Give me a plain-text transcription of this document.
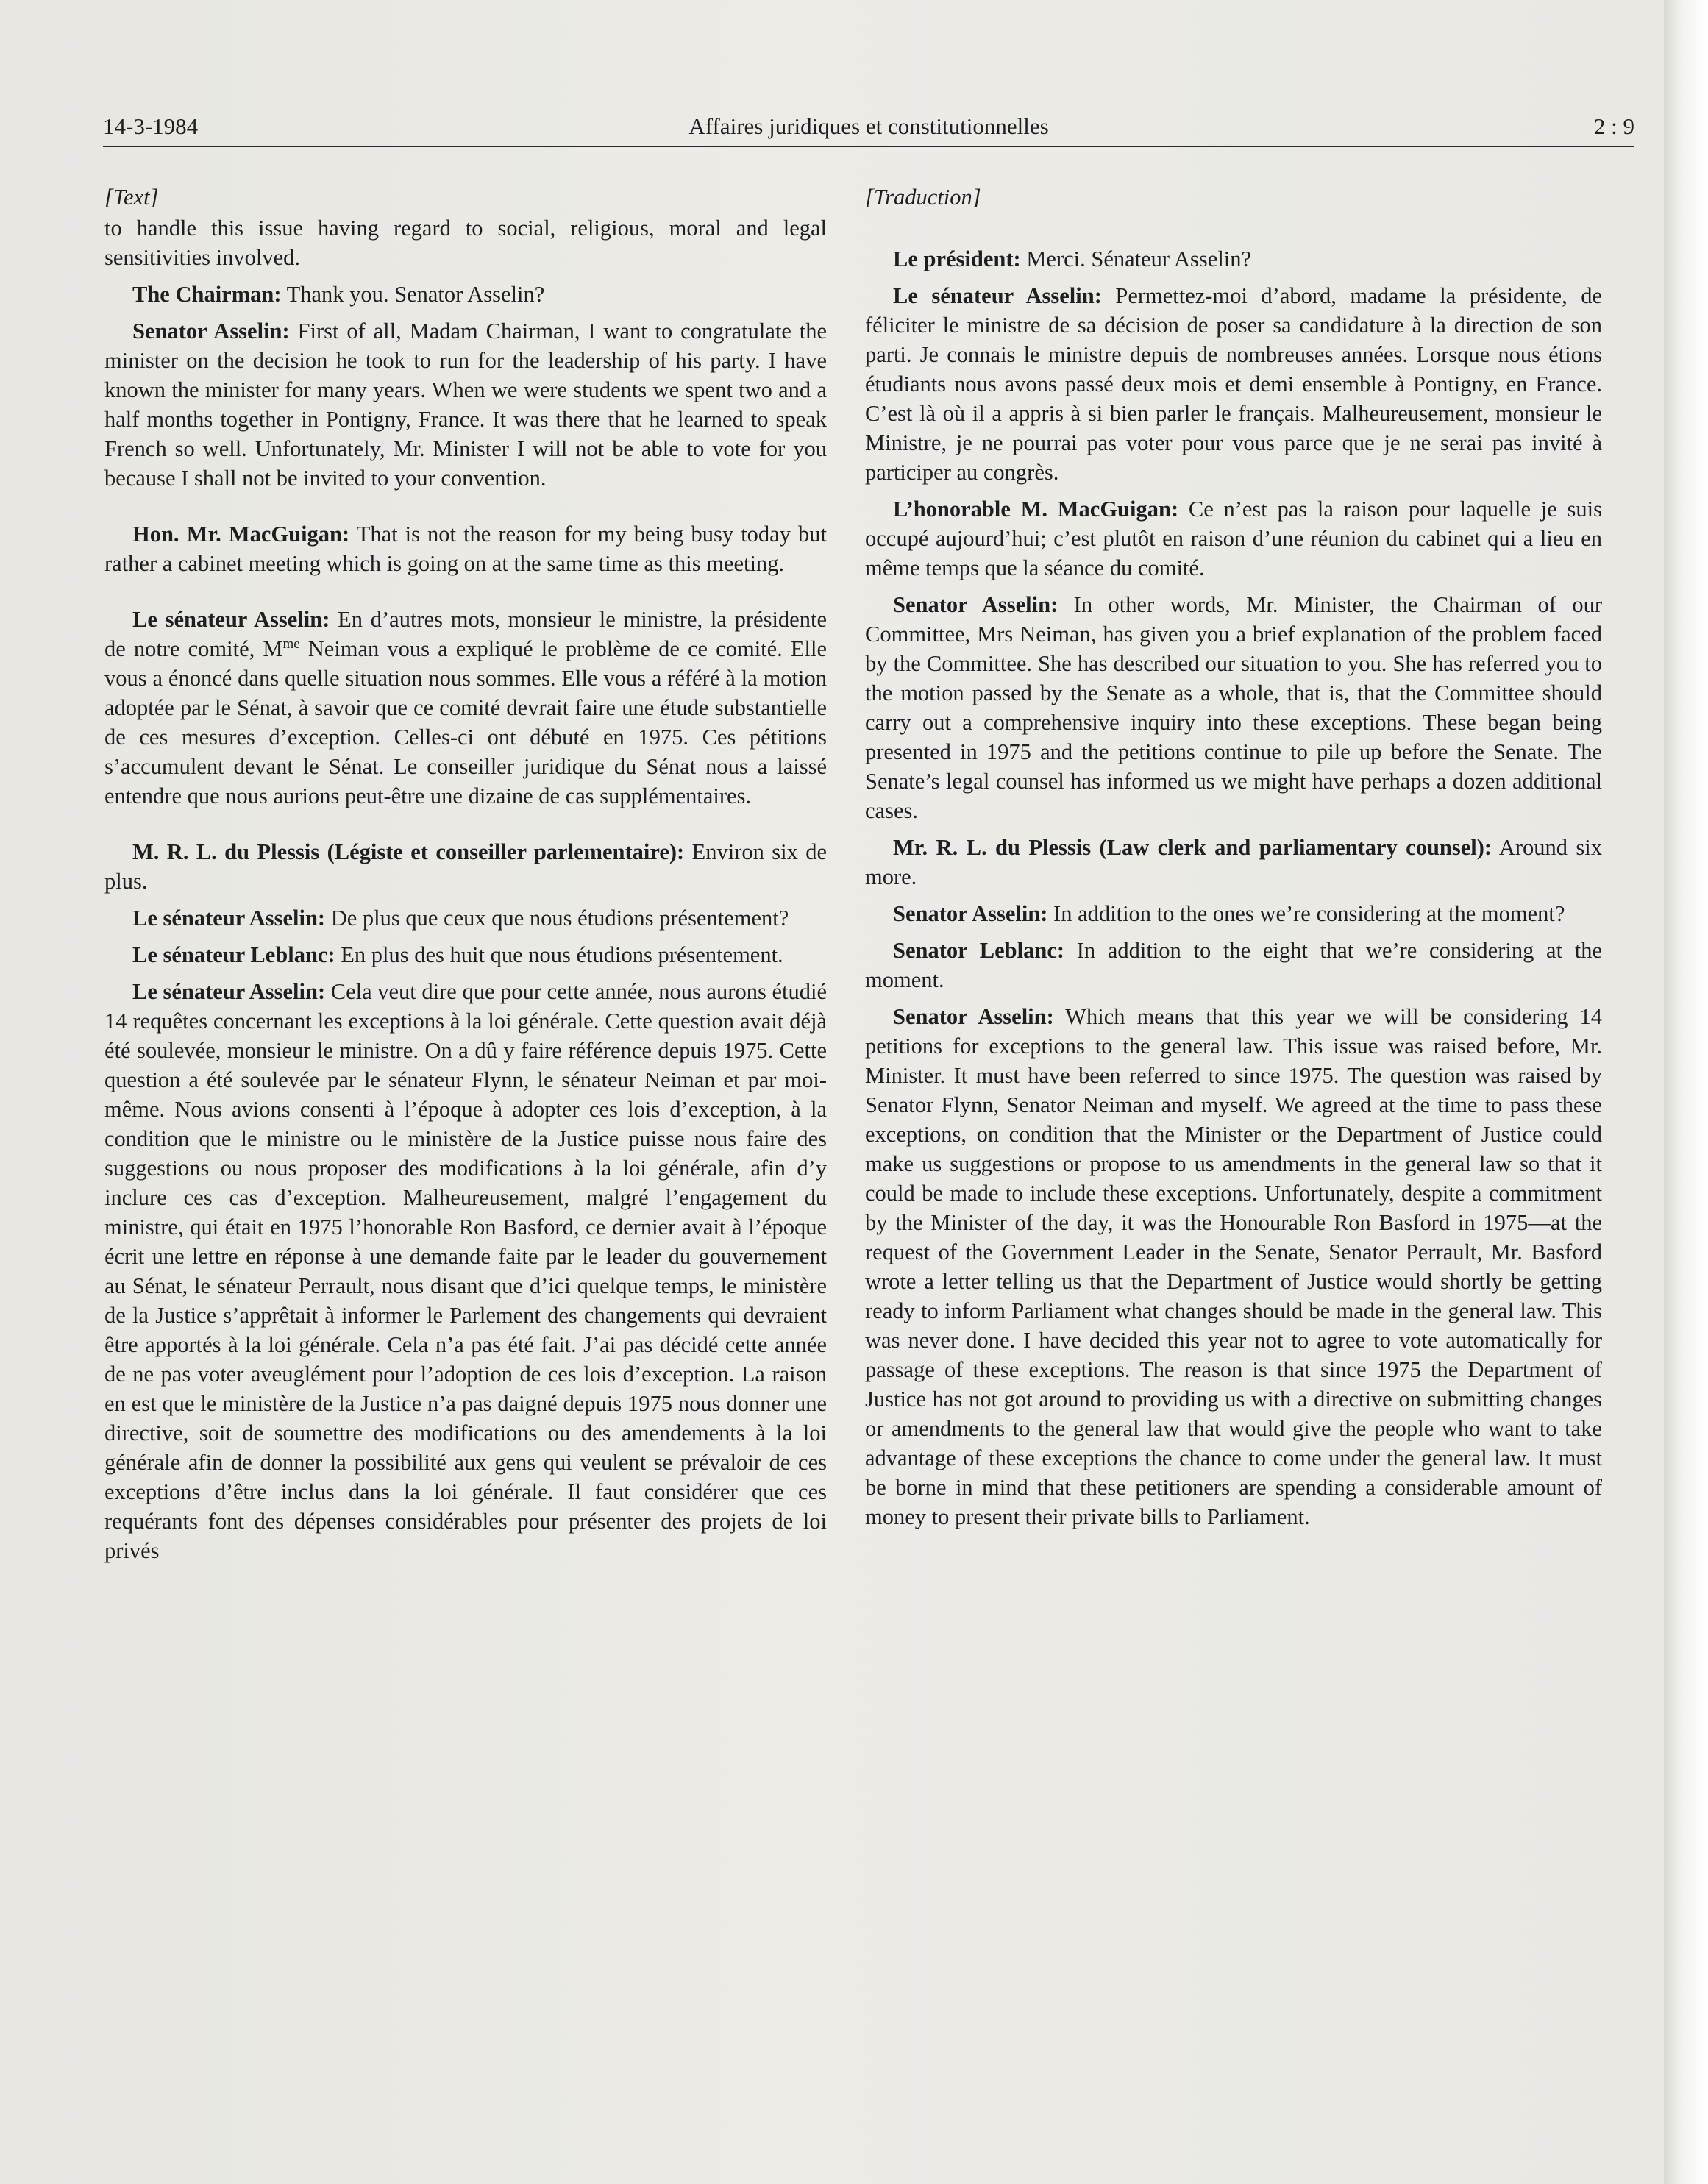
14-3-1984	Affaires juridiques et constitutionnelles	2 : 9

[Text]

to handle this issue having regard to social, religious, moral and legal sensitivities involved.

The Chairman: Thank you. Senator Asselin?

Senator Asselin: First of all, Madam Chairman, I want to congratulate the minister on the decision he took to run for the leadership of his party. I have known the minister for many years. When we were students we spent two and a half months together in Pontigny, France. It was there that he learned to speak French so well. Unfortunately, Mr. Minister I will not be able to vote for you because I shall not be invited to your convention.

Hon. Mr. MacGuigan: That is not the reason for my being busy today but rather a cabinet meeting which is going on at the same time as this meeting.

Le sénateur Asselin: En d’autres mots, monsieur le ministre, la présidente de notre comité, $M^{me}$ Neiman vous a expliqué le problème de ce comité. Elle vous a énoncé dans quelle situation nous sommes. Elle vous a référé à la motion adoptée par le Sénat, à savoir que ce comité devrait faire une étude substantielle de ces mesures d’exception. Celles-ci ont débuté en 1975. Ces pétitions s’accumulent devant le Sénat. Le conseiller juridique du Sénat nous a laissé entendre que nous aurions peut-être une dizaine de cas supplémentaires.

M. R. L. du Plessis (Légiste et conseiller parlementaire): Environ six de plus.

Le sénateur Asselin: De plus que ceux que nous étudions présentement?

Le sénateur Leblanc: En plus des huit que nous étudions présentement.

Le sénateur Asselin: Cela veut dire que pour cette année, nous aurons étudié 14 requêtes concernant les exceptions à la loi générale. Cette question avait déjà été soulevée, monsieur le ministre. On a dû y faire référence depuis 1975. Cette question a été soulevée par le sénateur Flynn, le sénateur Neiman et par moi-même. Nous avions consenti à l’époque à adopter ces lois d’exception, à la condition que le ministre ou le ministère de la Justice puisse nous faire des suggestions ou nous proposer des modifications à la loi générale, afin d’y inclure ces cas d’exception. Malheureusement, malgré l’engagement du ministre, qui était en 1975 l’honorable Ron Basford, ce dernier avait à l’époque écrit une lettre en réponse à une demande faite par le leader du gouvernement au Sénat, le sénateur Perrault, nous disant que d’ici quelque temps, le ministère de la Justice s’apprêtait à informer le Parlement des changements qui devraient être apportés à la loi générale. Cela n’a pas été fait. J’ai pas décidé cette année de ne pas voter aveuglément pour l’adoption de ces lois d’exception. La raison en est que le ministère de la Justice n’a pas daigné depuis 1975 nous donner une directive, soit de soumettre des modifications ou des amendements à la loi générale afin de donner la possibilité aux gens qui veulent se prévaloir de ces exceptions d’être inclus dans la loi générale. Il faut considérer que ces requérants font des dépenses considérables pour présenter des projets de loi privés

[Traduction]

Le président: Merci. Sénateur Asselin?

Le sénateur Asselin: Permettez-moi d’abord, madame la présidente, de féliciter le ministre de sa décision de poser sa candidature à la direction de son parti. Je connais le ministre depuis de nombreuses années. Lorsque nous étions étudiants nous avons passé deux mois et demi ensemble à Pontigny, en France. C’est là où il a appris à si bien parler le français. Malheureusement, monsieur le Ministre, je ne pourrai pas voter pour vous parce que je ne serai pas invité à participer au congrès.

L’honorable M. MacGuigan: Ce n’est pas la raison pour laquelle je suis occupé aujourd’hui; c’est plutôt en raison d’une réunion du cabinet qui a lieu en même temps que la séance du comité.

Senator Asselin: In other words, Mr. Minister, the Chairman of our Committee, Mrs Neiman, has given you a brief explanation of the problem faced by the Committee. She has described our situation to you. She has referred you to the motion passed by the Senate as a whole, that is, that the Committee should carry out a comprehensive inquiry into these exceptions. These began being presented in 1975 and the petitions continue to pile up before the Senate. The Senate’s legal counsel has informed us we might have perhaps a dozen additional cases.

Mr. R. L. du Plessis (Law clerk and parliamentary counsel): Around six more.

Senator Asselin: In addition to the ones we’re considering at the moment?

Senator Leblanc: In addition to the eight that we’re considering at the moment.

Senator Asselin: Which means that this year we will be considering 14 petitions for exceptions to the general law. This issue was raised before, Mr. Minister. It must have been referred to since 1975. The question was raised by Senator Flynn, Senator Neiman and myself. We agreed at the time to pass these exceptions, on condition that the Minister or the Department of Justice could make us suggestions or propose to us amendments in the general law so that it could be made to include these exceptions. Unfortunately, despite a commitment by the Minister of the day, it was the Honourable Ron Basford in 1975—at the request of the Government Leader in the Senate, Senator Perrault, Mr. Basford wrote a letter telling us that the Department of Justice would shortly be getting ready to inform Parliament what changes should be made in the general law. This was never done. I have decided this year not to agree to vote automatically for passage of these exceptions. The reason is that since 1975 the Department of Justice has not got around to providing us with a directive on submitting changes or amendments to the general law that would give the people who want to take advantage of these exceptions the chance to come under the general law. It must be borne in mind that these petitioners are spending a considerable amount of money to present their private bills to Parliament.
